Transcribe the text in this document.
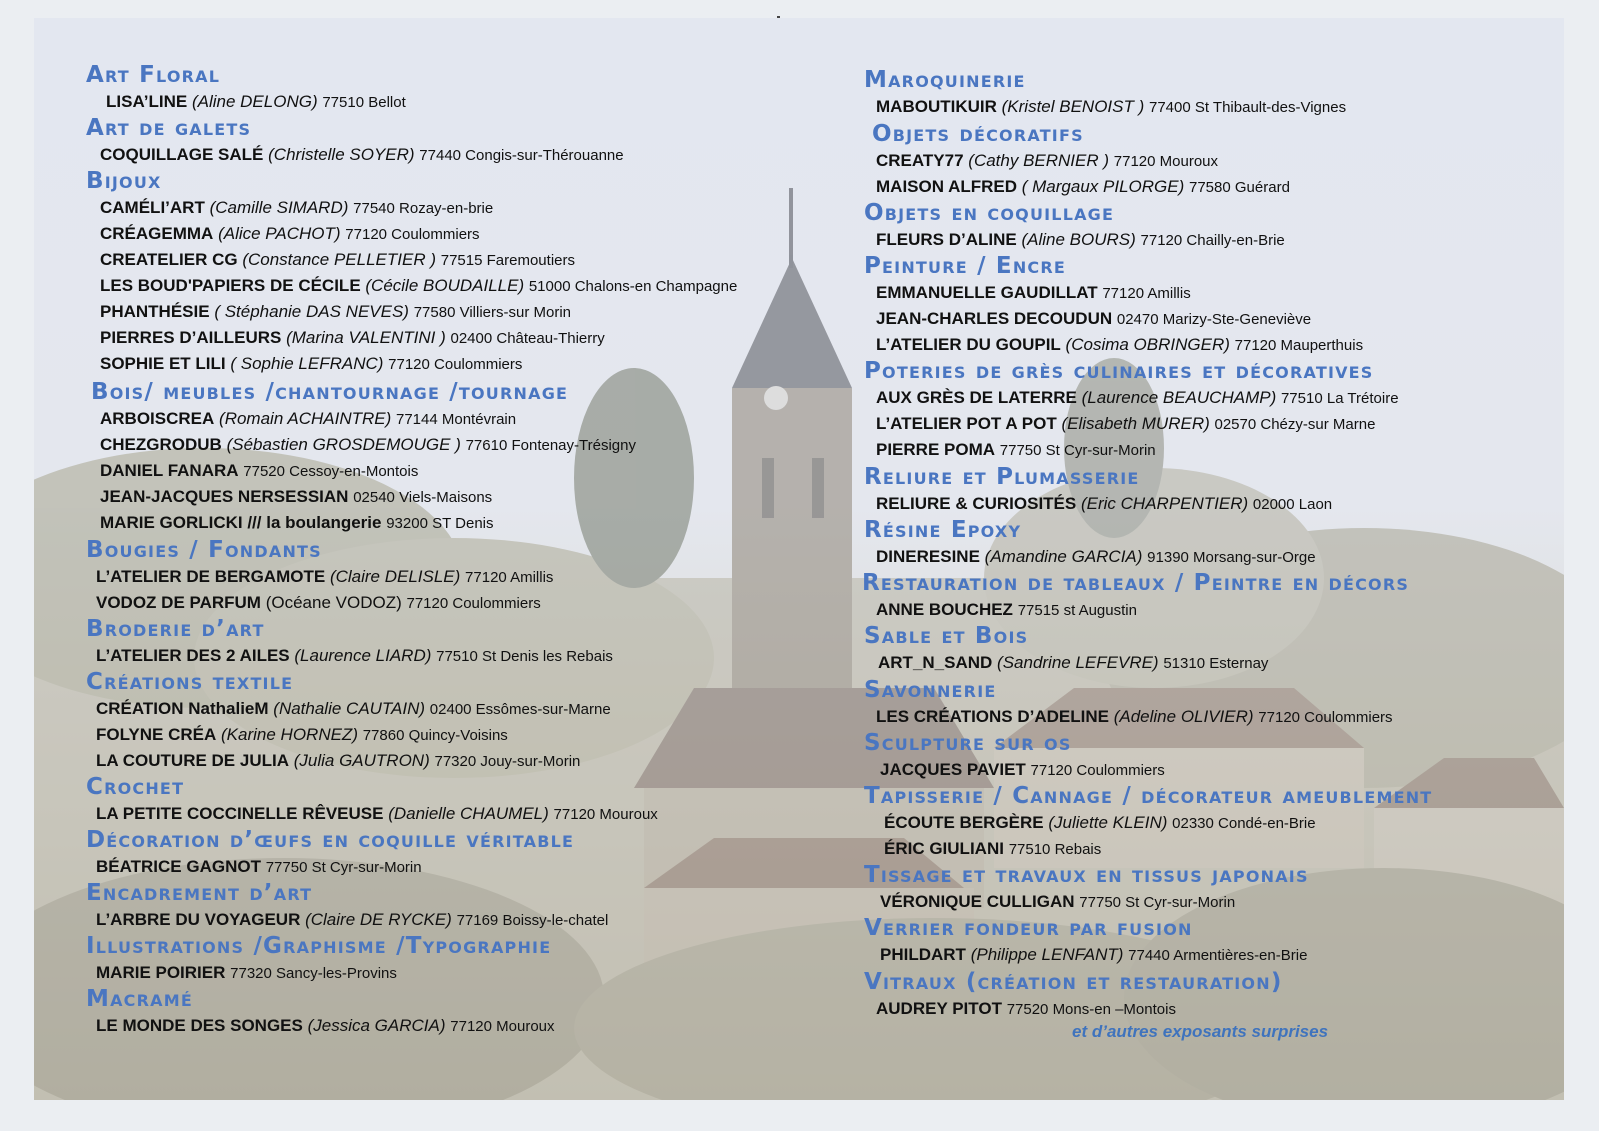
Art Floral
LISA’LINE (Aline DELONG) 77510 Bellot
Art de galets
COQUILLAGE SALÉ (Christelle SOYER) 77440 Congis-sur-Thérouanne
Bijoux
CAMÉLI’ART (Camille SIMARD) 77540 Rozay-en-brie
CRÉAGEMMA (Alice PACHOT) 77120 Coulommiers
CREATELIER CG (Constance PELLETIER ) 77515 Faremoutiers
LES BOUD'PAPIERS DE CÉCILE (Cécile BOUDAILLE) 51000 Chalons-en Champagne
PHANTHÉSIE ( Stéphanie DAS NEVES) 77580 Villiers-sur Morin
PIERRES D’AILLEURS (Marina VALENTINI ) 02400 Château-Thierry
SOPHIE ET LILI ( Sophie LEFRANC) 77120 Coulommiers
Bois/ meubles /chantournage /tournage
ARBOISCREA (Romain ACHAINTRE) 77144 Montévrain
CHEZGRODUB (Sébastien GROSDEMOUGE ) 77610 Fontenay-Trésigny
DANIEL FANARA 77520 Cessoy-en-Montois
JEAN-JACQUES NERSESSIAN 02540 Viels-Maisons
MARIE GORLICKI /// la boulangerie 93200 ST Denis
Bougies / Fondants
L’ATELIER DE BERGAMOTE (Claire DELISLE) 77120 Amillis
VODOZ DE PARFUM (Océane VODOZ) 77120 Coulommiers
Broderie d’art
L’ATELIER DES 2 AILES (Laurence LIARD) 77510 St Denis les Rebais
Créations textile
CRÉATION NathalieM (Nathalie CAUTAIN) 02400 Essômes-sur-Marne
FOLYNE CRÉA (Karine HORNEZ) 77860 Quincy-Voisins
LA COUTURE DE JULIA (Julia GAUTRON) 77320 Jouy-sur-Morin
Crochet
LA PETITE COCCINELLE RÊVEUSE (Danielle CHAUMEL) 77120 Mouroux
Décoration d’œufs en coquille véritable
BÉATRICE GAGNOT 77750 St Cyr-sur-Morin
Encadrement d’art
L’ARBRE DU VOYAGEUR (Claire DE RYCKE) 77169 Boissy-le-chatel
Illustrations /Graphisme /Typographie
MARIE POIRIER 77320 Sancy-les-Provins
Macramé
LE MONDE DES SONGES (Jessica GARCIA) 77120 Mouroux
Maroquinerie
MABOUTIKUIR (Kristel BENOIST ) 77400 St Thibault-des-Vignes
Objets décoratifs
CREATY77 (Cathy BERNIER ) 77120 Mouroux
MAISON ALFRED ( Margaux PILORGE) 77580 Guérard
Objets en coquillage
FLEURS D’ALINE (Aline BOURS) 77120 Chailly-en-Brie
Peinture / Encre
EMMANUELLE GAUDILLAT 77120 Amillis
JEAN-CHARLES DECOUDUN 02470 Marizy-Ste-Geneviève
L’ATELIER DU GOUPIL (Cosima OBRINGER) 77120 Mauperthuis
Poteries de grès culinaires et décoratives
AUX GRÈS DE LATERRE (Laurence BEAUCHAMP) 77510 La Trétoire
L’ATELIER POT A POT (Elisabeth MURER) 02570 Chézy-sur Marne
PIERRE POMA 77750 St Cyr-sur-Morin
Reliure et Plumasserie
RELIURE & CURIOSITÉS (Eric CHARPENTIER) 02000 Laon
Résine Epoxy
DINERESINE (Amandine GARCIA) 91390 Morsang-sur-Orge
Restauration de tableaux / Peintre en décors
ANNE BOUCHEZ 77515 st Augustin
Sable et Bois
ART_N_SAND (Sandrine LEFEVRE) 51310 Esternay
Savonnerie
LES CRÉATIONS D’ADELINE (Adeline OLIVIER) 77120 Coulommiers
Sculpture sur os
JACQUES PAVIET 77120 Coulommiers
Tapisserie / Cannage / décorateur ameublement
ÉCOUTE BERGÈRE (Juliette KLEIN) 02330 Condé-en-Brie
ÉRIC GIULIANI 77510 Rebais
Tissage et travaux en tissus japonais
VÉRONIQUE CULLIGAN 77750 St Cyr-sur-Morin
Verrier fondeur par fusion
PHILDART (Philippe LENFANT) 77440 Armentières-en-Brie
Vitraux (création et restauration)
AUDREY PITOT 77520 Mons-en –Montois
et d’autres exposants surprises
